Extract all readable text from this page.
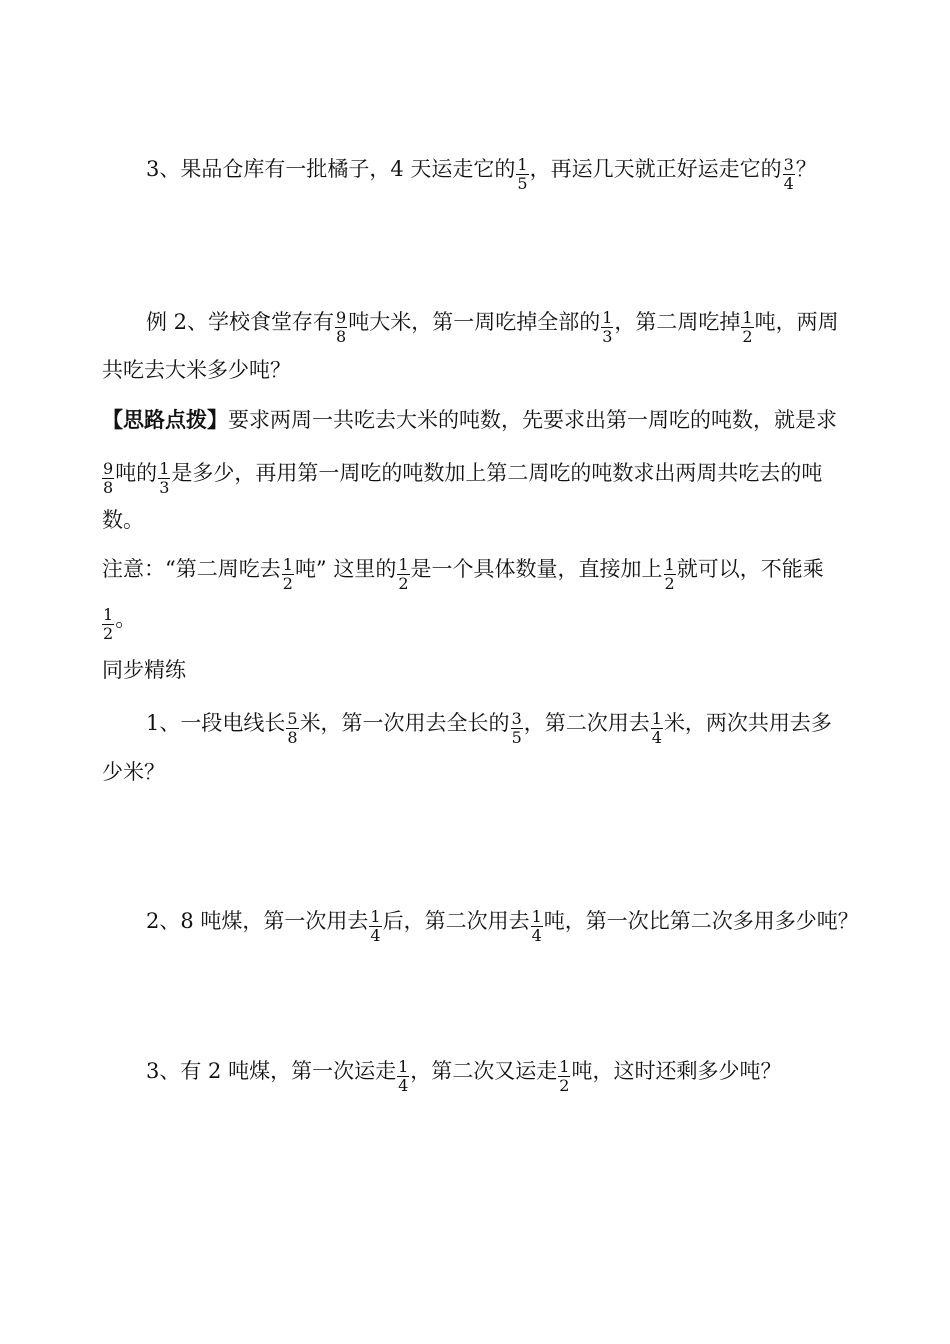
3、果品仓库有一批橘子，4 天运走它的 $\frac{1}{5}$ ，再运几天就正好运走它的 $\frac{3}{4}$ ？
例 2、学校食堂存有 $\frac{9}{8}$ 吨大米，第一周吃掉全部的 $\frac{1}{3}$ ，第二周吃掉 $\frac{1}{2}$ 吨，两周
共吃去大米多少吨？
【思路点拨】要求两周一共吃去大米的吨数，先要求出第一周吃的吨数，就是求
$\frac{9}{8}$ 吨的 $\frac{1}{3}$ 是多少，再用第一周吃的吨数加上第二周吃的吨数求出两周共吃去的吨
数。
注意：“第二周吃去 $\frac{1}{2}$ 吨” 这里的 $\frac{1}{2}$ 是一个具体数量，直接加上 $\frac{1}{2}$ 就可以，不能乘
$\frac{1}{2}$ 。
同步精练
1、一段电线长 $\frac{5}{8}$ 米，第一次用去全长的 $\frac{3}{5}$ ，第二次用去 $\frac{1}{4}$ 米，两次共用去多
少米？
2、8 吨煤，第一次用去 $\frac{1}{4}$ 后，第二次用去 $\frac{1}{4}$ 吨，第一次比第二次多用多少吨？
3、有 2 吨煤，第一次运走 $\frac{1}{4}$ ，第二次又运走 $\frac{1}{2}$ 吨，这时还剩多少吨？
